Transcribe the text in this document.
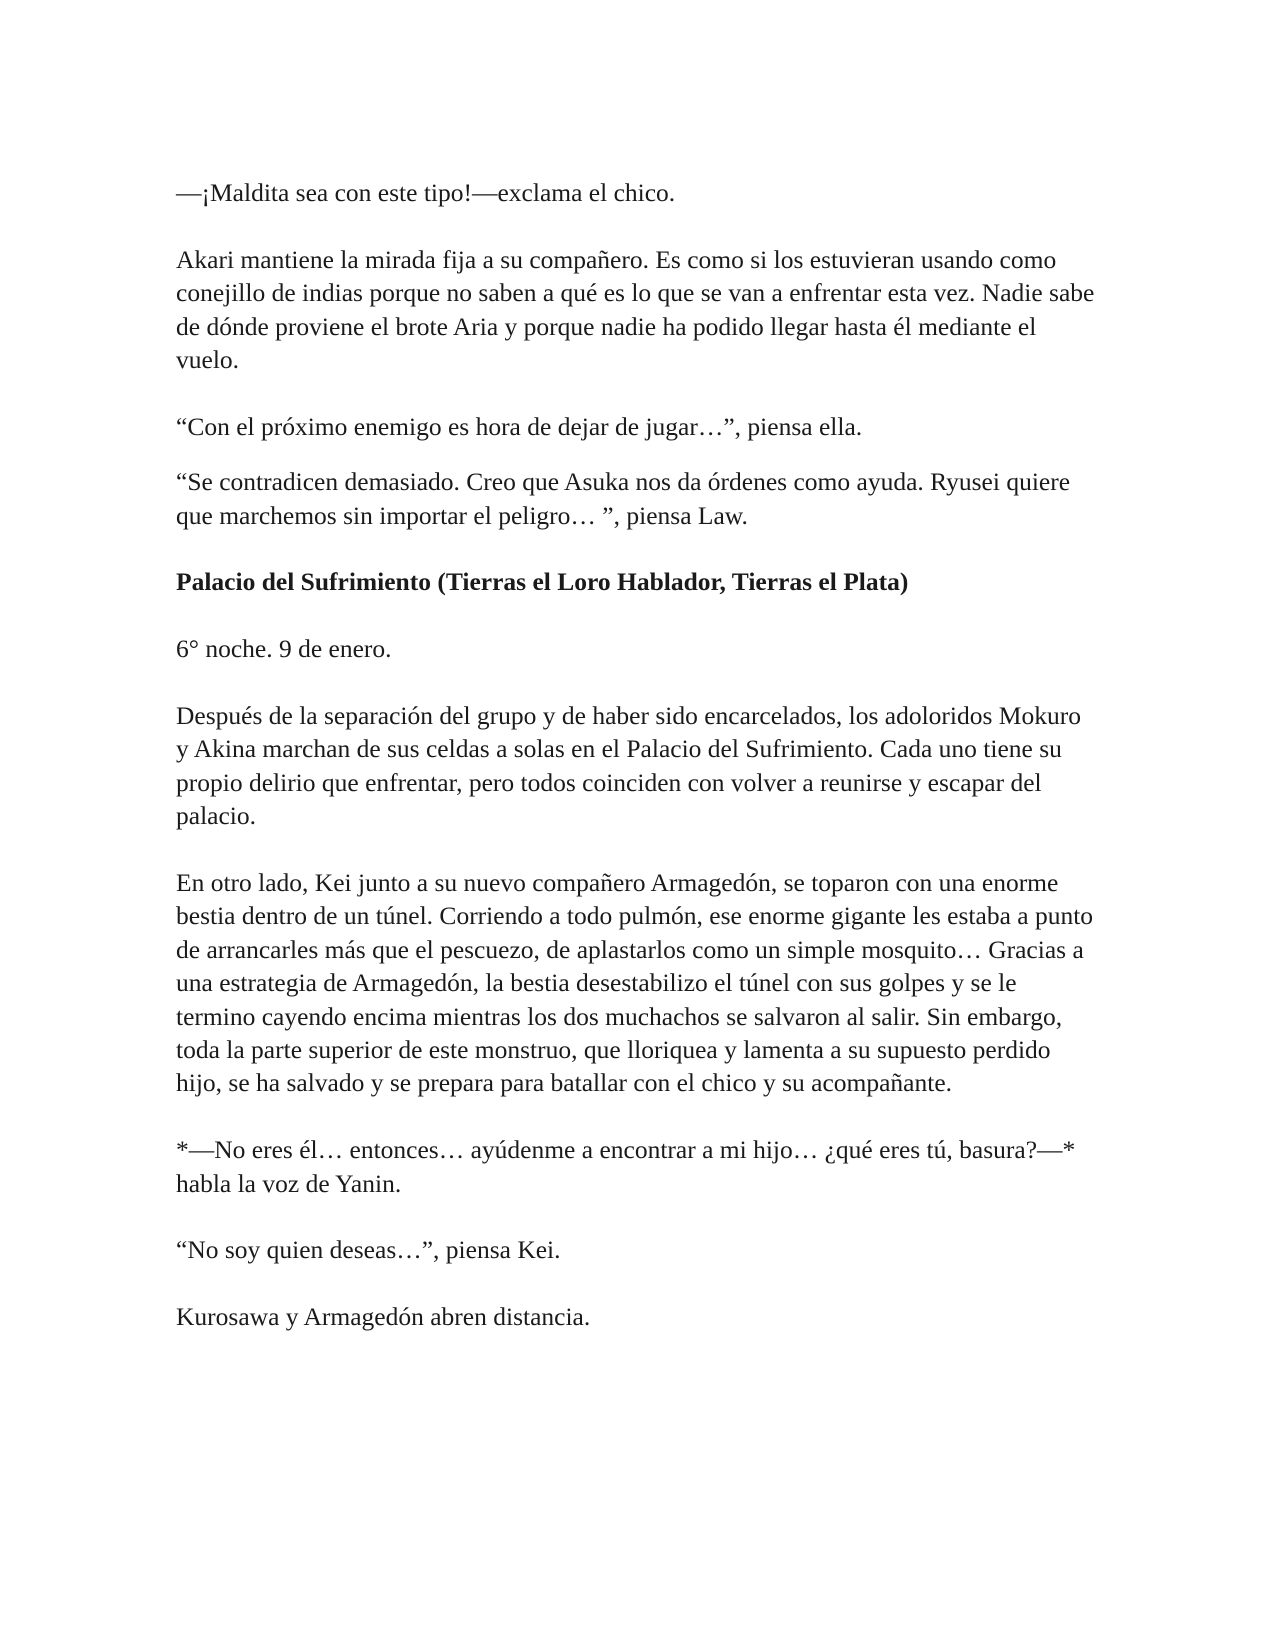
—¡Maldita sea con este tipo!—exclama el chico.

Akari mantiene la mirada fija a su compañero. Es como si los estuvieran usando como conejillo de indias porque no saben a qué es lo que se van a enfrentar esta vez. Nadie sabe de dónde proviene el brote Aria y porque nadie ha podido llegar hasta él mediante el vuelo.

“Con el próximo enemigo es hora de dejar de jugar…”, piensa ella.

“Se contradicen demasiado. Creo que Asuka nos da órdenes como ayuda. Ryusei quiere que marchemos sin importar el peligro… ”, piensa Law.

Palacio del Sufrimiento (Tierras el Loro Hablador, Tierras el Plata)

6° noche. 9 de enero.

Después de la separación del grupo y de haber sido encarcelados, los adoloridos Mokuro y Akina marchan de sus celdas a solas en el Palacio del Sufrimiento. Cada uno tiene su propio delirio que enfrentar, pero todos coinciden con volver a reunirse y escapar del palacio.

En otro lado, Kei junto a su nuevo compañero Armagedón, se toparon con una enorme bestia dentro de un túnel. Corriendo a todo pulmón, ese enorme gigante les estaba a punto de arrancarles más que el pescuezo, de aplastarlos como un simple mosquito… Gracias a una estrategia de Armagedón, la bestia desestabilizo el túnel con sus golpes y se le termino cayendo encima mientras los dos muchachos se salvaron al salir. Sin embargo, toda la parte superior de este monstruo, que lloriquea y lamenta a su supuesto perdido hijo, se ha salvado y se prepara para batallar con el chico y su acompañante.

*—No eres él… entonces… ayúdenme a encontrar a mi hijo… ¿qué eres tú, basura?—* habla la voz de Yanin.

“No soy quien deseas…”, piensa Kei.

Kurosawa y Armagedón abren distancia.
